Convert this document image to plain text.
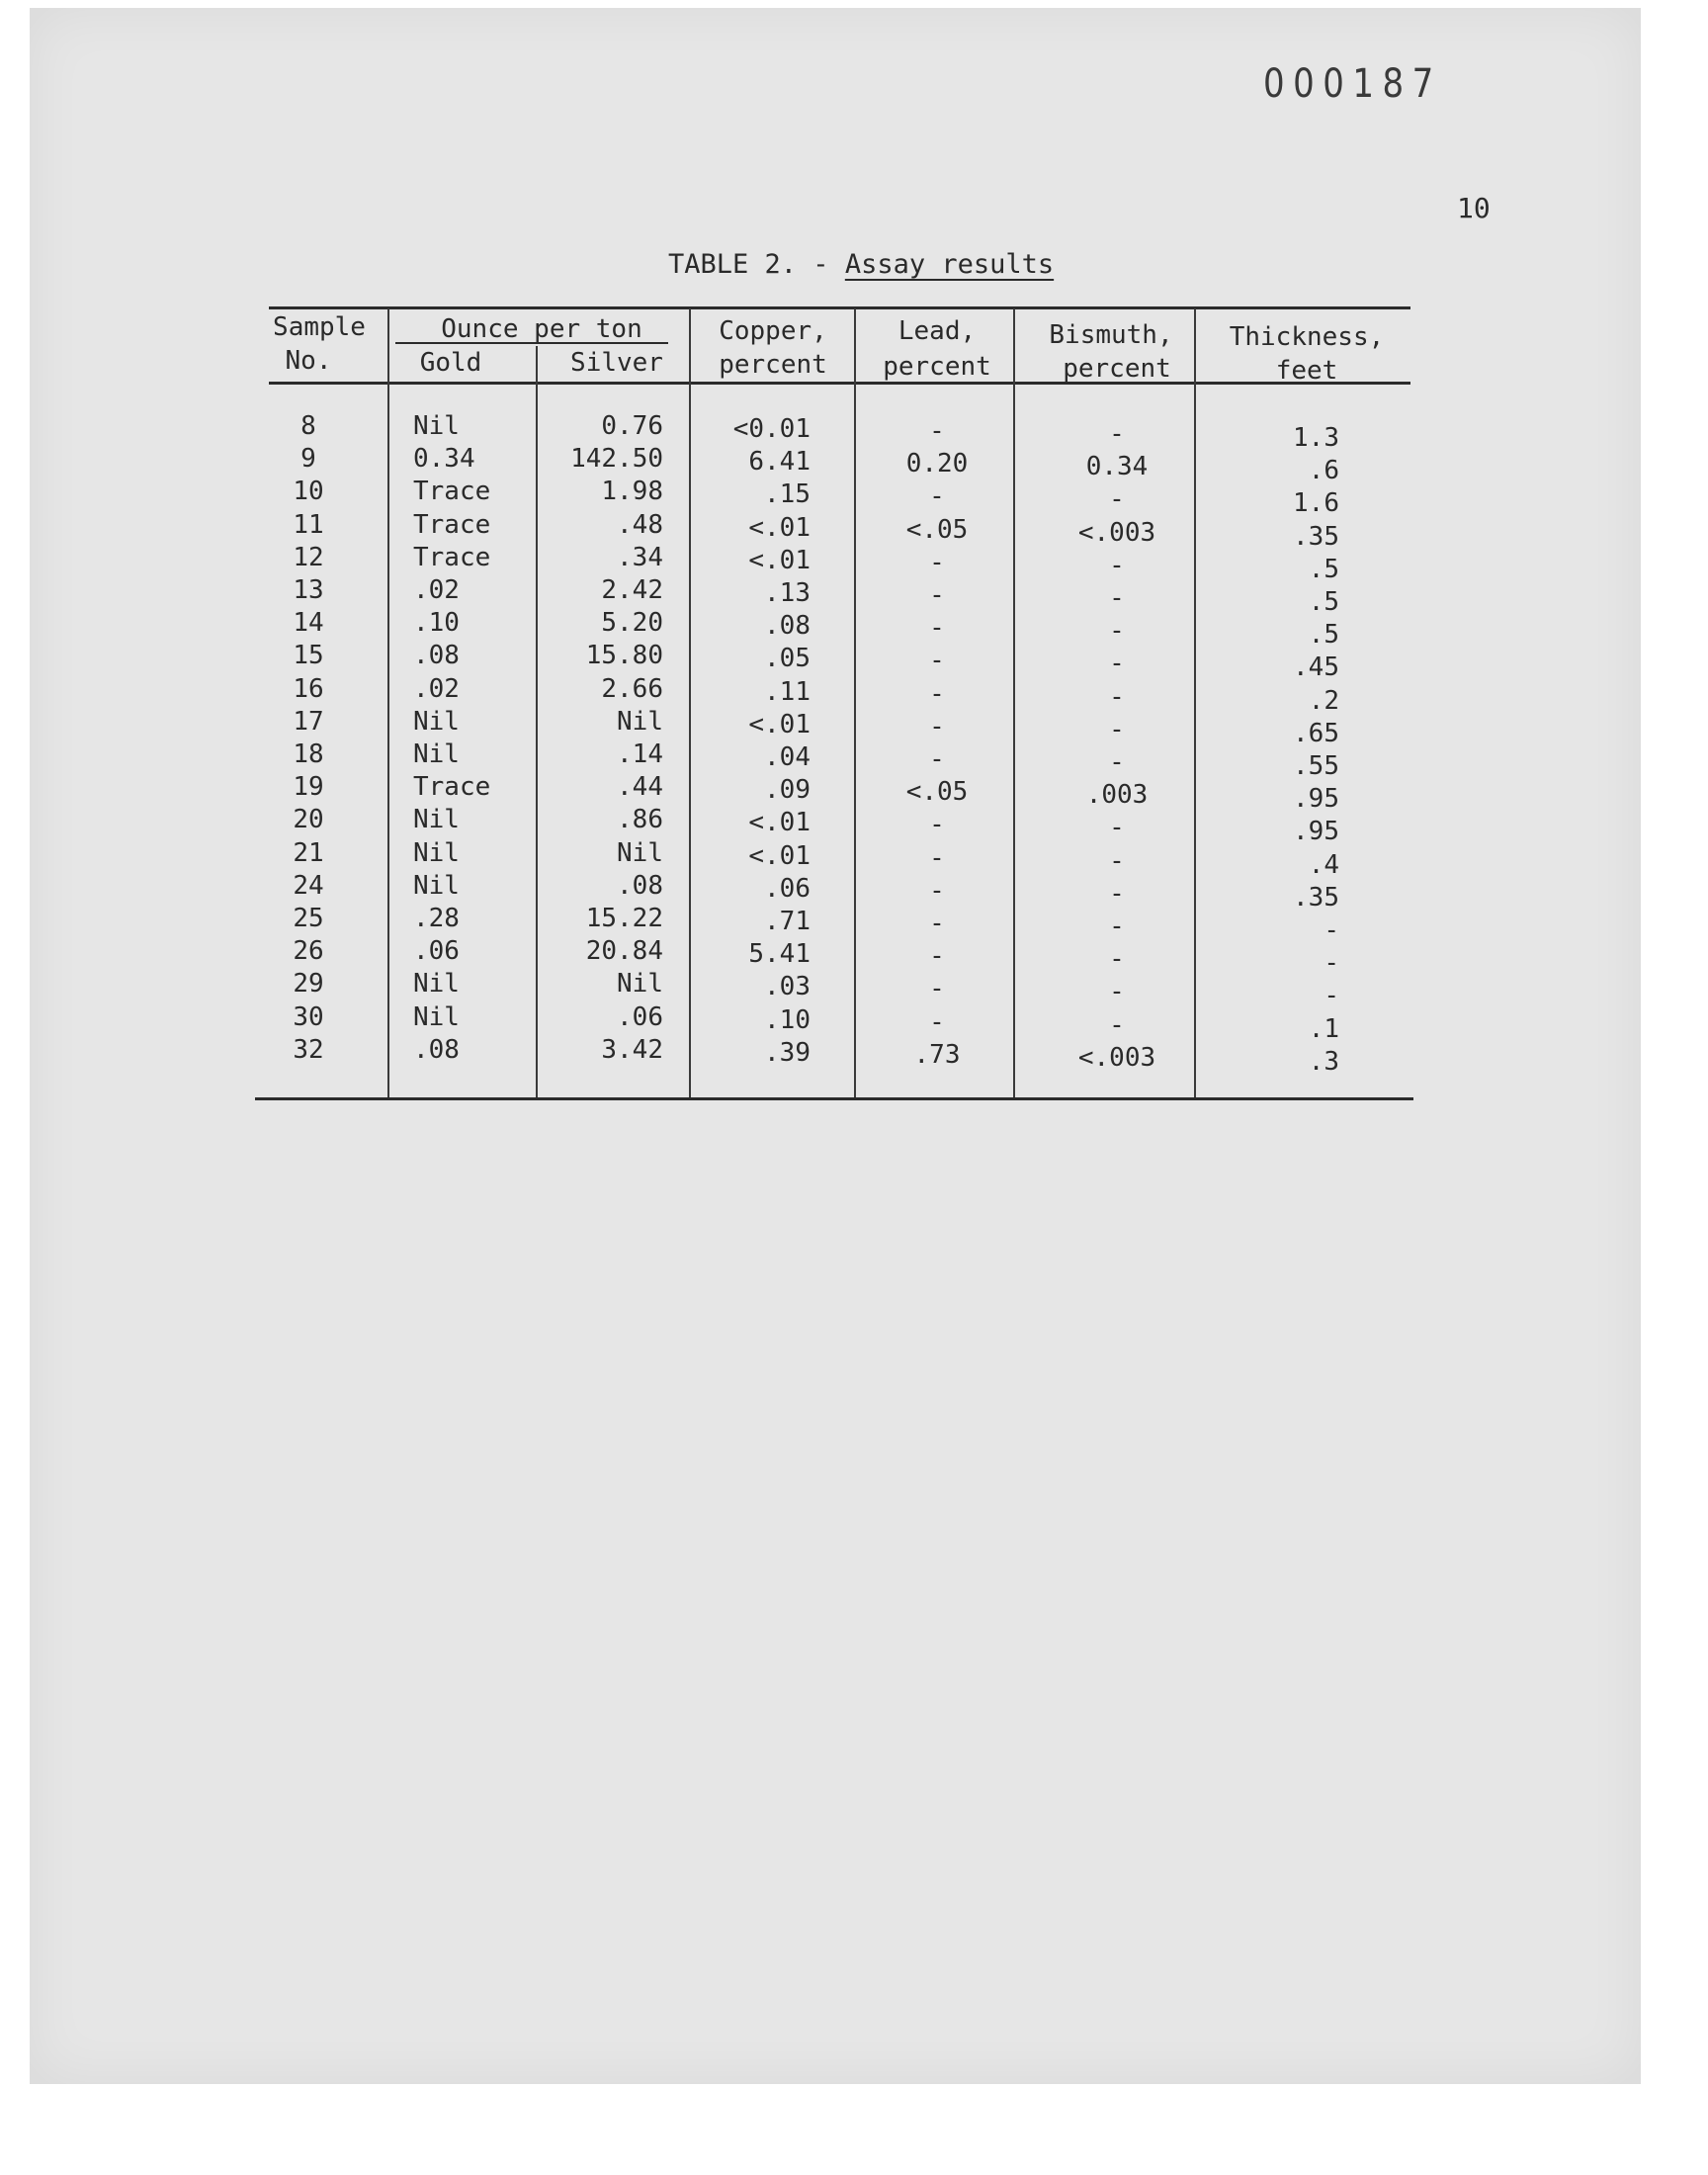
000187
10
TABLE 2. - Assay results
Sample
No.
Ounce per ton
Gold	Silver
Copper,
percent
Lead,
percent
Bismuth,
percent
Thickness,
feet
8	Nil	0.76	<0.01	-	-	1.3
9	0.34	142.50	6.41	0.20	0.34	.6
10	Trace	1.98	.15	-	-	1.6
11	Trace	.48	<.01	<.05	<.003	.35
12	Trace	.34	<.01	-	-	.5
13	.02	2.42	.13	-	-	.5
14	.10	5.20	.08	-	-	.5
15	.08	15.80	.05	-	-	.45
16	.02	2.66	.11	-	-	.2
17	Nil	Nil	<.01	-	-	.65
18	Nil	.14	.04	-	-	.55
19	Trace	.44	.09	<.05	.003	.95
20	Nil	.86	<.01	-	-	.95
21	Nil	Nil	<.01	-	-	.4
24	Nil	.08	.06	-	-	.35
25	.28	15.22	.71	-	-	-
26	.06	20.84	5.41	-	-	-
29	Nil	Nil	.03	-	-	-
30	Nil	.06	.10	-	-	.1
32	.08	3.42	.39	.73	<.003	.3
